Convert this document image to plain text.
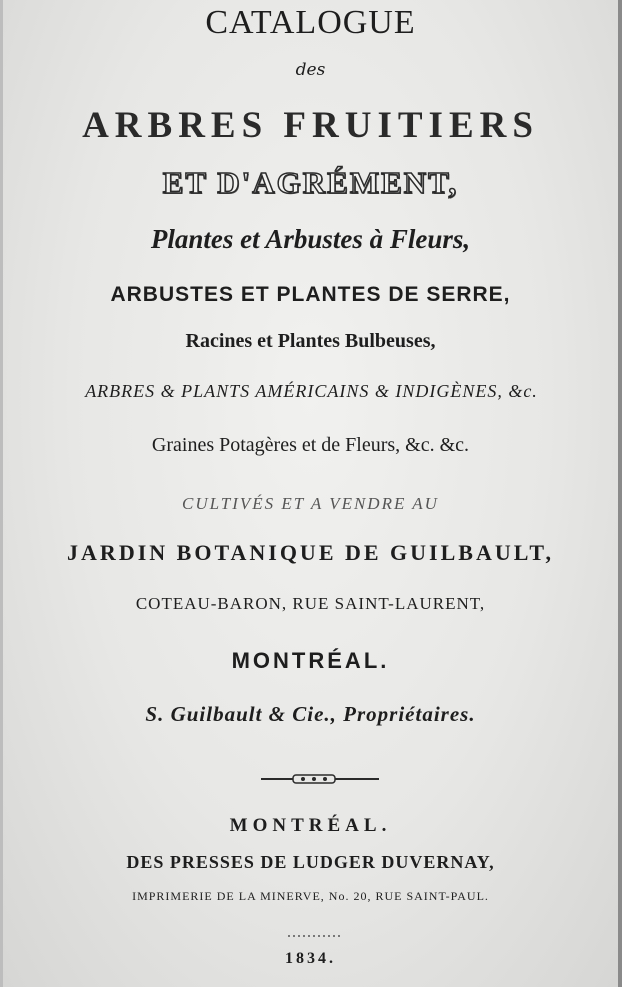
CATALOGUE
des
ARBRES FRUITIERS
ET D'AGRÉMENT,
Plantes et Arbustes à Fleurs,
ARBUSTES ET PLANTES DE SERRE,
Racines et Plantes Bulbeuses,
ARBRES & PLANTS AMÉRICAINS & INDIGÈNES, &c.
Graines Potagères et de Fleurs, &c. &c.
CULTIVÉS ET A VENDRE AU
JARDIN BOTANIQUE DE GUILBAULT,
COTEAU-BARON, RUE SAINT-LAURENT,
MONTRÉAL.
S. Guilbault & Cie., Propriétaires.
MONTRÉAL.
DES PRESSES DE LUDGER DUVERNAY,
IMPRIMERIE DE LA MINERVE, No. 20, RUE SAINT-PAUL.
1834.
